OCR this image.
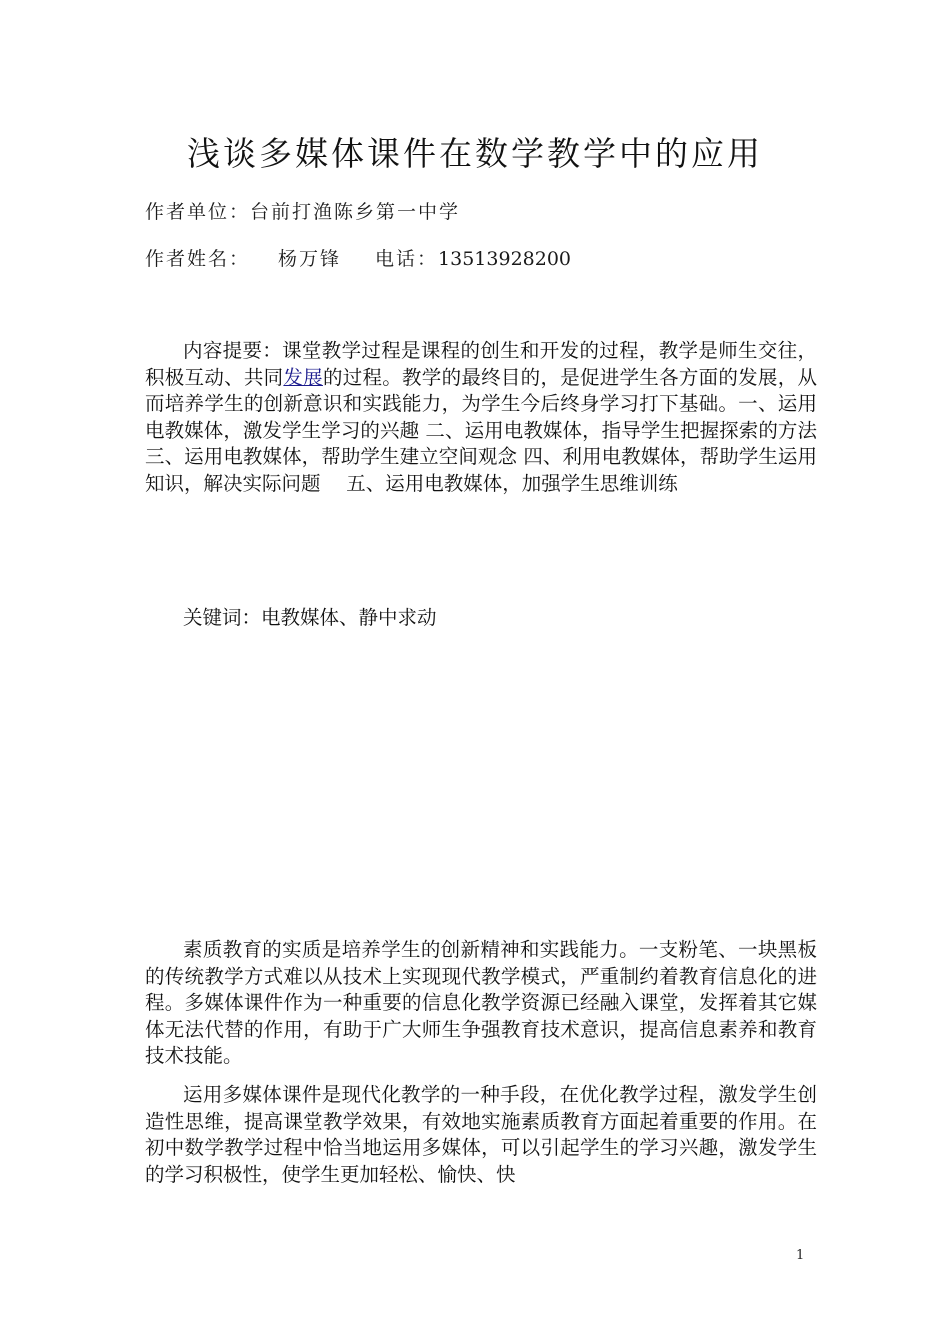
浅谈多媒体课件在数学教学中的应用
作者单位：台前打渔陈乡第一中学
作者姓名： 杨万锋 电话：13513928200

内容提要：课堂教学过程是课程的创生和开发的过程，教学是师生交往，积极互动、共同发展的过程。教学的最终目的，是促进学生各方面的发展，从而培养学生的创新意识和实践能力，为学生今后终身学习打下基础。一、运用电教媒体，激发学生学习的兴趣 二、运用电教媒体，指导学生把握探索的方法 三、运用电教媒体，帮助学生建立空间观念 四、利用电教媒体，帮助学生运用知识，解决实际问题 　五、运用电教媒体，加强学生思维训练

关键词：电教媒体、静中求动

素质教育的实质是培养学生的创新精神和实践能力。一支粉笔、一块黑板的传统教学方式难以从技术上实现现代教学模式，严重制约着教育信息化的进程。多媒体课件作为一种重要的信息化教学资源已经融入课堂，发挥着其它媒体无法代替的作用，有助于广大师生争强教育技术意识，提高信息素养和教育技术技能。

运用多媒体课件是现代化教学的一种手段，在优化教学过程，激发学生创造性思维，提高课堂教学效果，有效地实施素质教育方面起着重要的作用。在初中数学教学过程中恰当地运用多媒体，可以引起学生的学习兴趣，激发学生的学习积极性，使学生更加轻松、愉快、快

1
